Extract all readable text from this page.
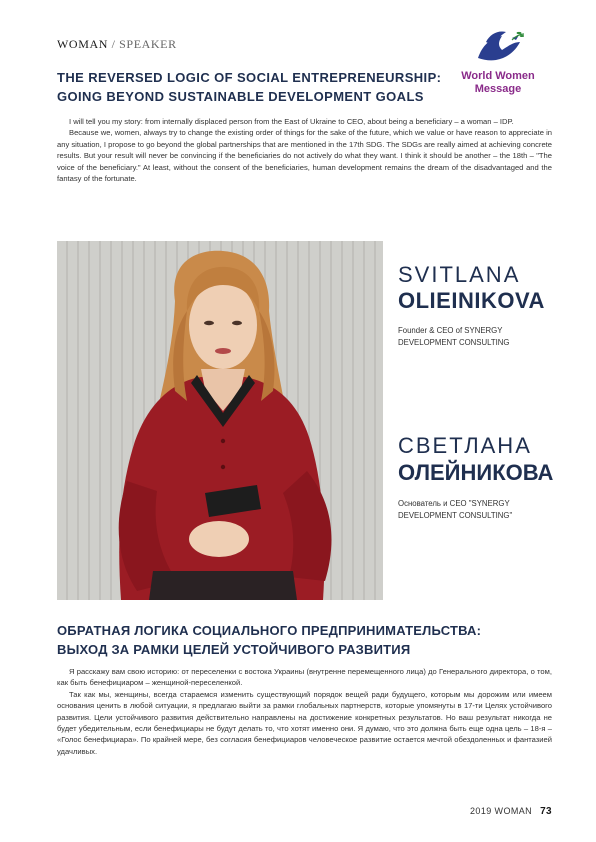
WOMAN / SPEAKER
World Women
Message
THE REVERSED LOGIC OF SOCIAL ENTREPRENEURSHIP: GOING BEYOND SUSTAINABLE DEVELOPMENT GOALS

I will tell you my story: from internally displaced person from the East of Ukraine to CEO, about being a beneficiary – a woman – IDP.

Because we, women, always try to change the existing order of things for the sake of the future, which we value or have reason to appreciate in any situation, I propose to go beyond the global partnerships that are mentioned in the 17th SDG. The SDGs are really aimed at achieving concrete results. But your result will never be convincing if the beneficiaries do not actively do what they want. I think it should be another – the 18th – "The voice of the beneficiary." At least, without the consent of the beneficiaries, human development remains the dream of the disadvantaged and the fantasy of the fortunate.

SVITLANA
OLIEINIKOVA
Founder & CEO of SYNERGY
DEVELOPMENT CONSULTING
СВЕТЛАНА
ОЛЕЙНИКОВА
Основатель и CEO "SYNERGY
DEVELOPMENT CONSULTING"
ОБРАТНАЯ ЛОГИКА СОЦИАЛЬНОГО ПРЕДПРИНИМАТЕЛЬСТВА: ВЫХОД ЗА РАМКИ ЦЕЛЕЙ УСТОЙЧИВОГО РАЗВИТИЯ

Я расскажу вам свою историю: от переселенки с востока Украины (внутренне перемещенного лица) до Генерального директора, о том, как быть бенефициаром – женщиной-переселенкой.

Так как мы, женщины, всегда стараемся изменить существующий порядок вещей ради будущего, которым мы дорожим или имеем основания ценить в любой ситуации, я предлагаю выйти за рамки глобальных партнерств, которые упомянуты в 17-ти Целях устойчивого развития. Цели устойчивого развития действительно направлены на достижение конкретных результатов. Но ваш результат никогда не будет убедительным, если бенефициары не будут делать то, что хотят именно они. Я думаю, что это должна быть еще одна цель – 18-я – «Голос бенефициара». По крайней мере, без согласия бенефициаров человеческое развитие остается мечтой обездоленных и фантазией удачливых.

2019 WOMAN 73
